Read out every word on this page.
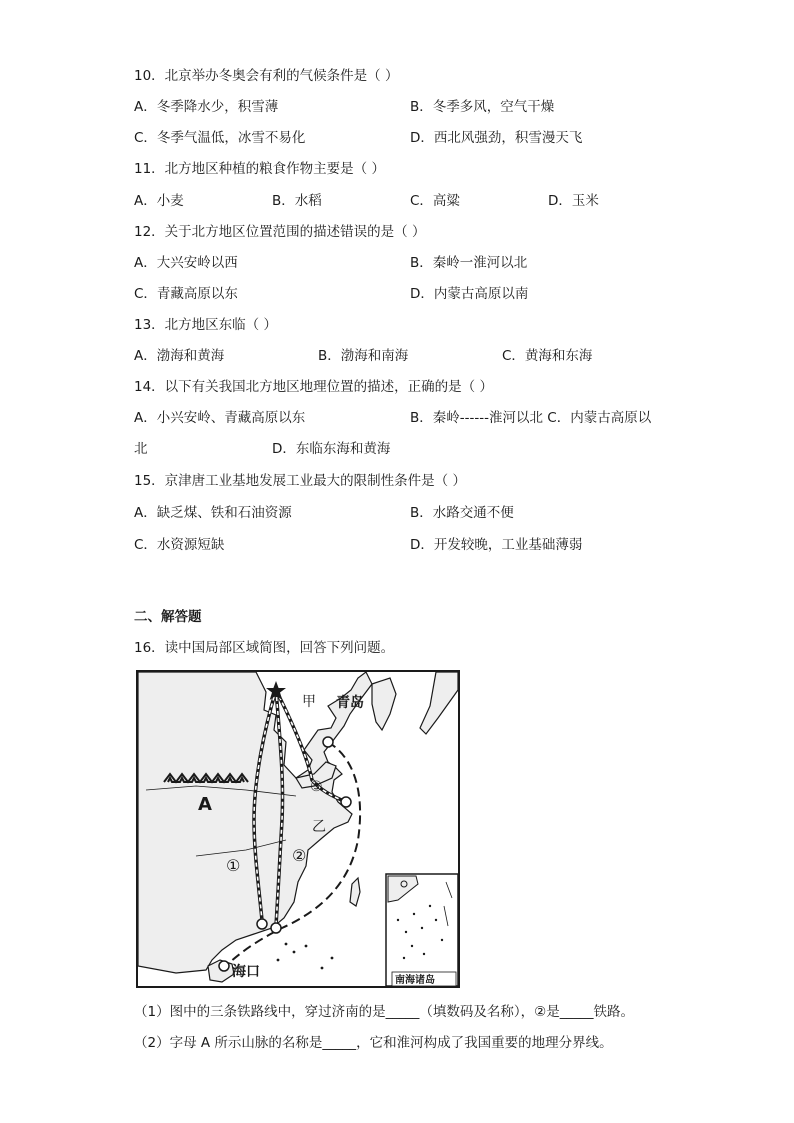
10．北京举办冬奥会有利的气候条件是（ ）
A．冬季降水少，积雪薄	B．冬季多风，空气干燥
C．冬季气温低，冰雪不易化	D．西北风强劲，积雪漫天飞
11．北方地区种植的粮食作物主要是（ ）
A．小麦	B．水稻	C．高粱	D．玉米
12．关于北方地区位置范围的描述错误的是（ ）
A．大兴安岭以西	B．秦岭一淮河以北
C．青藏高原以东	D．内蒙古高原以南
13．北方地区东临（ ）
A．渤海和黄海	B．渤海和南海	C．黄海和东海
14．以下有关我国北方地区地理位置的描述，正确的是（ ）
A．小兴安岭、青藏高原以东	B．秦岭------淮河以北 C．内蒙古高原以
北	D．东临东海和黄海
15．京津唐工业基地发展工业最大的限制性条件是（ ）
A．缺乏煤、铁和石油资源	B．水路交通不便
C．水资源短缺	D．开发较晚，工业基础薄弱
二、解答题
16．读中国局部区域简图，回答下列问题。
甲 青岛
③
乙
A
①
②
海口
南海诸岛
（1）图中的三条铁路线中，穿过济南的是_____（填数码及名称），②是_____铁路。
（2）字母 A 所示山脉的名称是_____，它和淮河构成了我国重要的地理分界线。
